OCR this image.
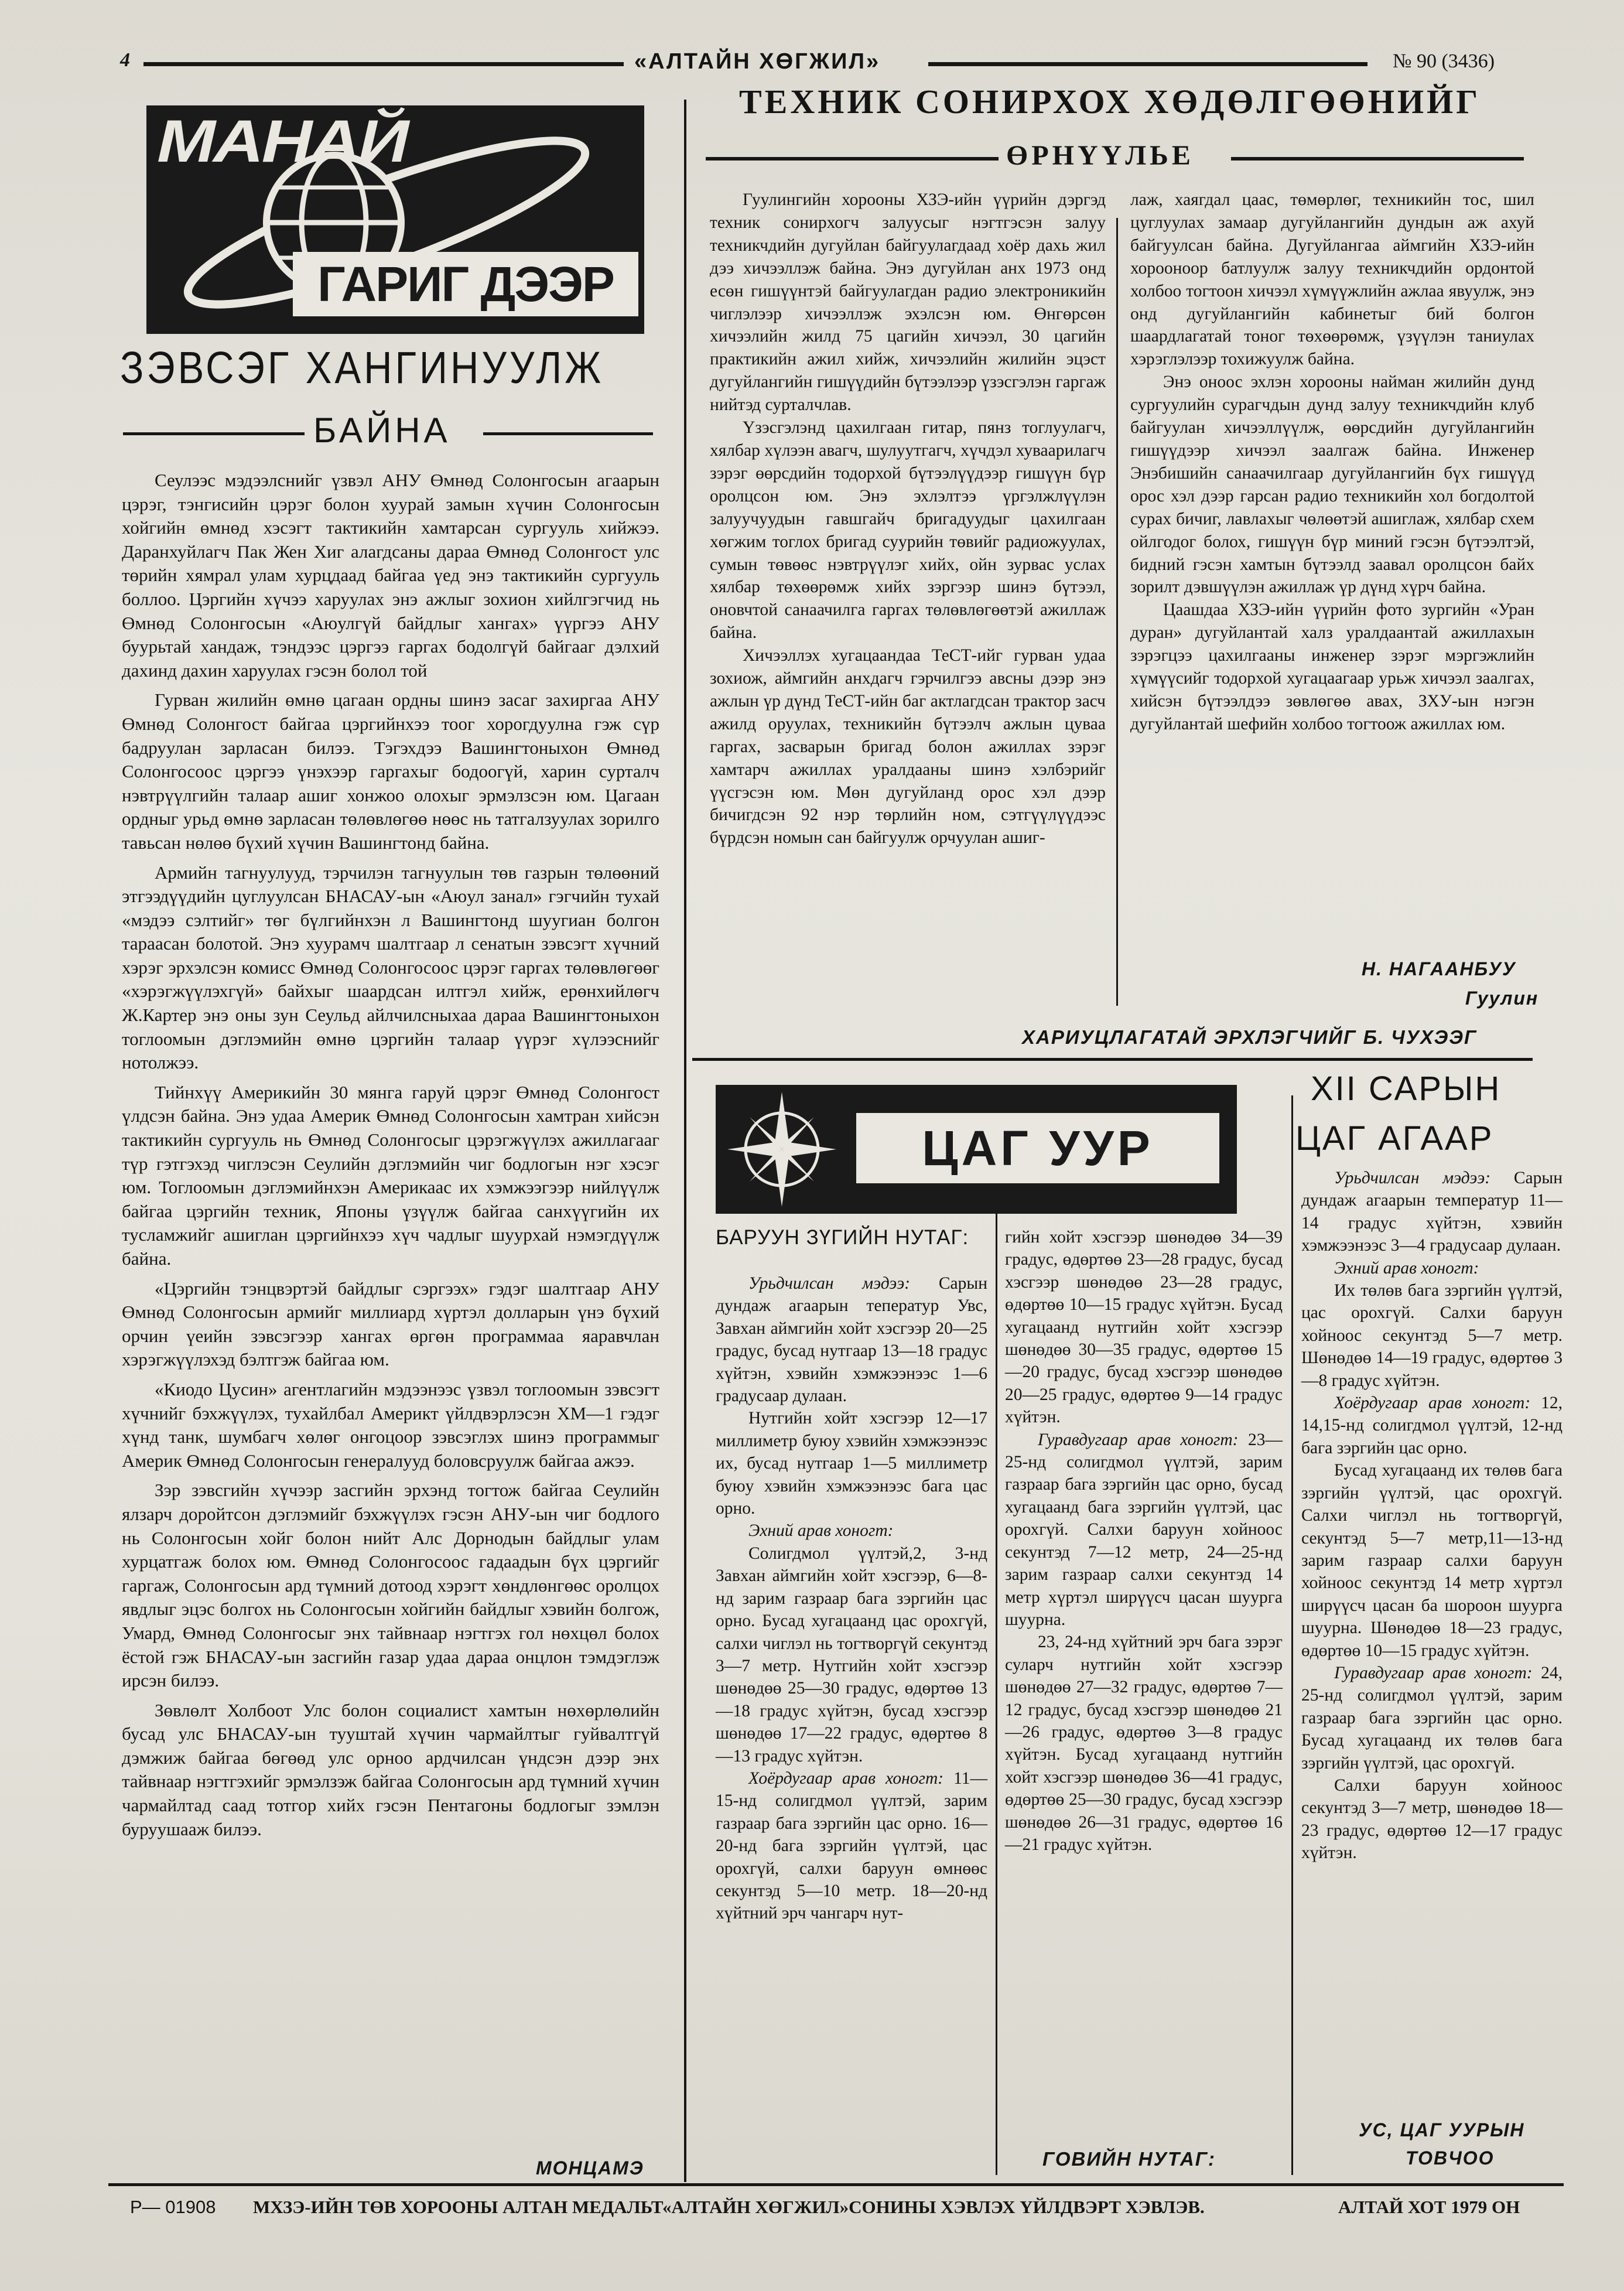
4	«АЛТАЙН ХӨГЖИЛ»	№ 90 (3436)
МАНАЙ
ГАРИГ ДЭЭР
ЗЭВСЭГ ХАНГИНУУЛЖ
БАЙНА

Сеулээс мэдээлснийг үзвэл АНУ Өмнөд Солонгосын агаарын цэрэг, тэнгисийн цэрэг болон хуурай замын хүчин Солонгосын хойгийн өмнөд хэсэгт тактикийн хамтарсан сургууль хийжээ. Даранхуйлагч Пак Жен Хиг алагдсаны дараа Өмнөд Солонгост улс төрийн хямрал улам хурцдаад байгаа үед энэ тактикийн сургууль боллоо. Цэргийн хүчээ харуулах энэ ажлыг зохион хийлгэгчид нь Өмнөд Солонгосын «Аюулгүй байдлыг хангах» үүргээ АНУ буурьтай хандаж, тэндээс цэргээ гаргах бодолгүй байгааг дэлхий дахинд дахин харуулах гэсэн болол той

Гурван жилийн өмнө цагаан ордны шинэ засаг захиргаа АНУ Өмнөд Солонгост байгаа цэргийнхээ тоог хорогдуулна гэж сүр бадруулан зарласан билээ. Тэгэхдээ Вашингтоныхон Өмнөд Солонгосоос цэргээ үнэхээр гаргахыг бодоогүй, харин сурталч нэвтрүүлгийн талаар ашиг хонжоо олохыг эрмэлзсэн юм. Цагаан ордныг урьд өмнө зарласан төлөвлөгөө нөөс нь татгалзуулах зорилго тавьсан нөлөө бүхий хүчин Вашингтонд байна.

Армийн тагнуулууд, тэрчилэн тагнуулын төв газрын төлөөний этгээдүүдийн цуглуулсан БНАСАУ-ын «Аюул занал» гэгчийн тухай «мэдээ сэлтийг» төг бүлгийнхэн л Вашингтонд шуугиан болгон тараасан болотой. Энэ хуурамч шалтгаар л сенатын зэвсэгт хүчний хэрэг эрхэлсэн комисс Өмнөд Солонгосоос цэрэг гаргах төлөвлөгөөг «хэрэгжүүлэхгүй» байхыг шаардсан илтгэл хийж, ерөнхийлөгч Ж.Картер энэ оны зун Сеульд айлчилсныхаа дараа Вашингтоныхон тоглоомын дэглэмийн өмнө цэргийн талаар үүрэг хүлээснийг нотолжээ.

Тийнхүү Америкийн 30 мянга гаруй цэрэг Өмнөд Солонгост үлдсэн байна. Энэ удаа Америк Өмнөд Солонгосын хамтран хийсэн тактикийн сургууль нь Өмнөд Солонгосыг цэрэгжүүлэх ажиллагааг түр гэтгэхэд чиглэсэн Сеулийн дэглэмийн чиг бодлогын нэг хэсэг юм. Тоглоомын дэглэмийнхэн Америкаас их хэмжээгээр нийлүүлж байгаа цэргийн техник, Японы үзүүлж байгаа санхүүгийн их тусламжийг ашиглан цэргийнхээ хүч чадлыг шуурхай нэмэгдүүлж байна.

«Цэргийн тэнцвэртэй байдлыг сэргээх» гэдэг шалтгаар АНУ Өмнөд Солонгосын армийг миллиард хүртэл долларын үнэ бүхий орчин үеийн зэвсэгээр хангах өргөн программаа яаравчлан хэрэгжүүлэхэд бэлтгэж байгаа юм.

«Киодо Цусин» агентлагийн мэдээнээс үзвэл тоглоомын зэвсэгт хүчнийг бэхжүүлэх, тухайлбал Америкт үйлдвэрлэсэн ХМ—1 гэдэг хүнд танк, шумбагч хөлөг онгоцоор зэвсэглэх шинэ программыг Америк Өмнөд Солонгосын генералууд боловсруулж байгаа ажээ.

Зэр зэвсгийн хүчээр засгийн эрхэнд тогтож байгаа Сеулийн ялзарч доройтсон дэглэмийг бэхжүүлэх гэсэн АНУ-ын чиг бодлого нь Солонгосын хойг болон нийт Алс Дорнодын байдлыг улам хурцатгаж болох юм. Өмнөд Солонгосоос гадаадын бүх цэргийг гаргаж, Солонгосын ард түмний дотоод хэрэгт хөндлөнгөөс оролцох явдлыг эцэс болгох нь Солонгосын хойгийн байдлыг хэвийн болгож, Умард, Өмнөд Солонгосыг энх тайвнаар нэгтгэх гол нөхцөл болох ёстой гэж БНАСАУ-ын засгийн газар удаа дараа онцлон тэмдэглэж ирсэн билээ.

Зөвлөлт Холбоот Улс болон социалист хамтын нөхөрлөлийн бусад улс БНАСАУ-ын тууштай хүчин чармайлтыг гуйвалтгүй дэмжиж байгаа бөгөөд улс орноо ардчилсан үндсэн дээр энх тайвнаар нэгтгэхийг эрмэлзэж байгаа Солонгосын ард түмний хүчин чармайлтад саад тотгор хийх гэсэн Пентагоны бодлогыг зэмлэн буруушааж билээ.

МОНЦАМЭ
ТЕХНИК СОНИРХОХ ХӨДӨЛГӨӨНИЙГ
ӨРНҮҮЛЬЕ

Гуулингийн хорооны ХЗЭ-ийн үүрийн дэргэд техник сонирхогч залуусыг нэгтгэсэн залуу техникчдийн дугуйлан байгуулагдаад хоёр дахь жил дээ хичээллэж байна. Энэ дугуйлан анх 1973 онд есөн гишүүнтэй байгуулагдан радио электроникийн чиглэлээр хичээллэж эхэлсэн юм. Өнгөрсөн хичээлийн жилд 75 цагийн хичээл, 30 цагийн практикийн ажил хийж, хичээлийн жилийн эцэст дугуйлангийн гишүүдийн бүтээлээр үзэсгэлэн гаргаж нийтэд сурталчлав.

Үзэсгэлэнд цахилгаан гитар, пянз тоглуулагч, хялбар хүлээн авагч, шулуутгагч, хүчдэл хуваарилагч зэрэг өөрсдийн тодорхой бүтээлүүдээр гишүүн бүр оролцсон юм. Энэ эхлэлтээ үргэлжлүүлэн залуучуудын гавшгайч бригадуудыг цахилгаан хөгжим тоглох бригад суурийн төвийг радиожуулах, сумын төвөөс нэвтрүүлэг хийх, ойн зурвас услах хялбар төхөөрөмж хийх зэргээр шинэ бүтээл, оновчтой санаачилга гаргах төлөвлөгөөтэй ажиллаж байна.

Хичээллэх хугацаандаа ТеСТ-ийг гурван удаа зохиож, аймгийн анхдагч гэрчилгээ авсны дээр энэ ажлын үр дүнд ТеСТ-ийн баг актлагдсан трактор засч ажилд оруулах, техникийн бүтээлч ажлын цуваа гаргах, засварын бригад болон ажиллах зэрэг хамтарч ажиллах уралдааны шинэ хэлбэрийг үүсгэсэн юм. Мөн дугуйланд орос хэл дээр бичигдсэн 92 нэр төрлийн ном, сэтгүүлүүдээс бүрдсэн номын сан байгуулж орчуулан ашиг-

лаж, хаягдал цаас, төмөрлөг, техникийн тос, шил цуглуулах замаар дугуйлангийн дундын аж ахуй байгуулсан байна. Дугуйлангаа аймгийн ХЗЭ-ийн хорооноор батлуулж залуу техникчдийн ордонтой холбоо тогтоон хичээл хүмүүжлийн ажлаа явуулж, энэ онд дугуйлангийн кабинетыг бий болгон шаардлагатай тоног төхөөрөмж, үзүүлэн таниулах хэрэглэлээр тохижуулж байна.

Энэ оноос эхлэн хорооны найман жилийн дунд сургуулийн сурагчдын дунд залуу техникчдийн клуб байгуулан хичээллүүлж, өөрсдийн дугуйлангийн гишүүдээр хичээл заалгаж байна. Инженер Энэбишийн санаачилгаар дугуйлангийн бүх гишүүд орос хэл дээр гарсан радио техникийн хол богдолтой сурах бичиг, лавлахыг чөлөөтэй ашиглаж, хялбар схем ойлгодог болох, гишүүн бүр миний гэсэн бүтээлтэй, бидний гэсэн хамтын бүтээлд заавал оролцсон байх зорилт дэвшүүлэн ажиллаж үр дүнд хүрч байна.

Цаашдаа ХЗЭ-ийн үүрийн фото зургийн «Уран дуран» дугуйлантай халз уралдаантай ажиллахын зэрэгцээ цахилгааны инженер зэрэг мэргэжлийн хүмүүсийг тодорхой хугацаагаар урьж хичээл заалгах, хийсэн бүтээлдээ зөвлөгөө авах, ЗХУ-ын нэгэн дугуйлантай шефийн холбоо тогтоож ажиллах юм.

Н. НАГААНБУУ
Гуулин
ХАРИУЦЛАГАТАЙ ЭРХЛЭГЧИЙГ Б. ЧУХЭЭГ
ЦАГ УУР
XII САРЫН
ЦАГ АГААР
БАРУУН ЗҮГИЙН НУТАГ:

Урьдчилсан мэдээ: Сарын дундаж агаарын теператур Увс, Завхан аймгийн хойт хэсгээр 20—25 градус, бусад нутгаар 13—18 градус хүйтэн, хэвийн хэмжээнээс 1—6 градусаар дулаан.

Нутгийн хойт хэсгээр 12—17 миллиметр буюу хэвийн хэмжээнээс их, бусад нутгаар 1—5 миллиметр буюу хэвийн хэмжээнээс бага цас орно.

Эхний арав хоногт:

Солигдмол үүлтэй,2, 3-нд Завхан аймгийн хойт хэсгээр, 6—8-нд зарим газраар бага зэргийн цас орно. Бусад хугацаанд цас орохгүй, салхи чиглэл нь тогтворгүй секунтэд 3—7 метр. Нутгийн хойт хэсгээр шөнөдөө 25—30 градус, өдөртөө 13—18 градус хүйтэн, бусад хэсгээр шөнөдөө 17—22 градус, өдөртөө 8—13 градус хүйтэн.

Хоёрдугаар арав хоногт: 11—15-нд солигдмол үүлтэй, зарим газраар бага зэргийн цас орно. 16—20-нд бага зэргийн үүлтэй, цас орохгүй, салхи баруун өмнөөс секунтэд 5—10 метр. 18—20-нд хүйтний эрч чангарч нут-

гийн хойт хэсгээр шөнөдөө 34—39 градус, өдөртөө 23—28 градус, бусад хэсгээр шөнөдөө 23—28 градус, өдөртөө 10—15 градус хүйтэн. Бусад хугацаанд нутгийн хойт хэсгээр шөнөдөө 30—35 градус, өдөртөө 15—20 градус, бусад хэсгээр шөнөдөө 20—25 градус, өдөртөө 9—14 градус хүйтэн.

Гуравдугаар арав хоногт: 23—25-нд солигдмол үүлтэй, зарим газраар бага зэргийн цас орно, бусад хугацаанд бага зэргийн үүлтэй, цас орохгүй. Салхи баруун хойноос секунтэд 7—12 метр, 24—25-нд зарим газраар салхи секунтэд 14 метр хүртэл ширүүсч цасан шуурга шуурна.

23, 24-нд хүйтний эрч бага зэрэг суларч нутгийн хойт хэсгээр шөнөдөө 27—32 градус, өдөртөө 7—12 градус, бусад хэсгээр шөнөдөө 21—26 градус, өдөртөө 3—8 градус хүйтэн. Бусад хугацаанд нутгийн хойт хэсгээр шөнөдөө 36—41 градус, өдөртөө 25—30 градус, бусад хэсгээр шөнөдөө 26—31 градус, өдөртөө 16—21 градус хүйтэн.

ГОВИЙН НУТАГ:

Урьдчилсан мэдээ: Сарын дундаж агаарын температур 11—14 градус хүйтэн, хэвийн хэмжээнээс 3—4 градусаар дулаан.

Эхний арав хоногт:

Их төлөв бага зэргийн үүлтэй, цас орохгүй. Салхи баруун хойноос секунтэд 5—7 метр. Шөнөдөө 14—19 градус, өдөртөө 3—8 градус хүйтэн.

Хоёрдугаар арав хоногт: 12, 14,15-нд солигдмол үүлтэй, 12-нд бага зэргийн цас орно.

Бусад хугацаанд их төлөв бага зэргийн үүлтэй, цас орохгүй. Салхи чиглэл нь тогтворгүй, секунтэд 5—7 метр,11—13-нд зарим газраар салхи баруун хойноос секунтэд 14 метр хүртэл ширүүсч цасан ба шороон шуурга шуурна. Шөнөдөө 18—23 градус, өдөртөө 10—15 градус хүйтэн.

Гуравдугаар арав хоногт: 24, 25-нд солигдмол үүлтэй, зарим газраар бага зэргийн цас орно. Бусад хугацаанд их төлөв бага зэргийн үүлтэй, цас орохгүй.

Салхи баруун хойноос секунтэд 3—7 метр, шөнөдөө 18—23 градус, өдөртөө 12—17 градус хүйтэн.

УС, ЦАГ УУРЫН
ТОВЧОО
Р— 01908 МХЗЭ-ИЙН ТӨВ ХОРООНЫ АЛТАН МЕДАЛЬТ«АЛТАЙН ХӨГЖИЛ»СОНИНЫ ХЭВЛЭХ ҮЙЛДВЭРТ ХЭВЛЭВ.	АЛТАЙ ХОТ 1979 ОН
